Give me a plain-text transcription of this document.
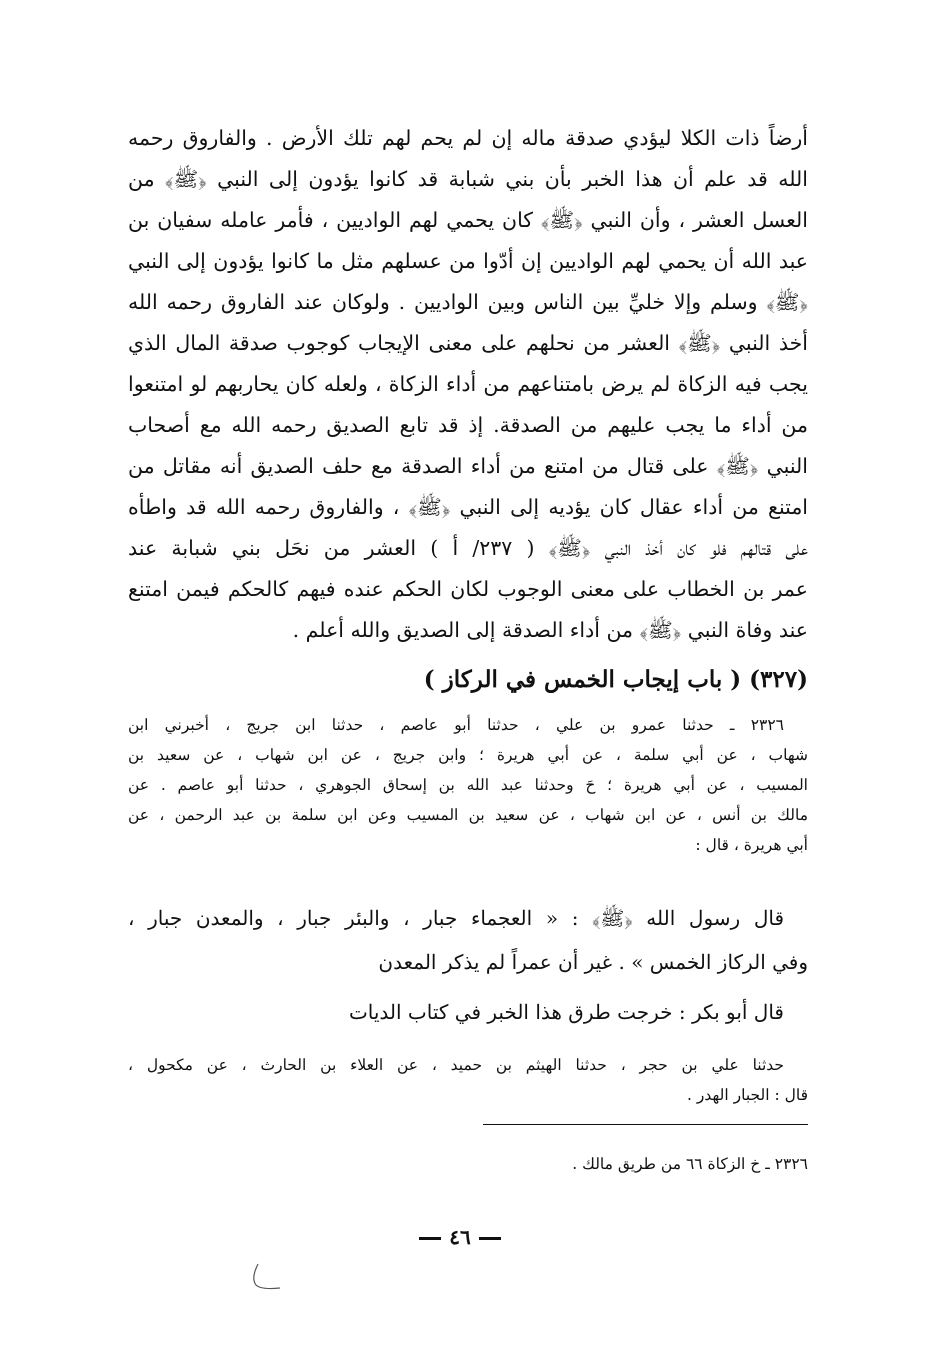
أرضاً ذات الكلا ليؤدي صدقة ماله إن لم يحم لهم تلك الأرض . والفاروق رحمه
الله قد علم أن هذا الخبر بأن بني شبابة قد كانوا يؤدون إلى النبي ﴿ﷺ﴾ من
العسل العشر ، وأن النبي ﴿ﷺ﴾ كان يحمي لهم الواديين ، فأمر عامله سفيان بن
عبد الله أن يحمي لهم الواديين إن أدّوا من عسلهم مثل ما كانوا يؤدون إلى النبي
﴿ﷺ﴾ وسلم وإلا خليِّ بين الناس وبين الواديين . ولوكان عند الفاروق رحمه الله
أخذ النبي ﴿ﷺ﴾ العشر من نحلهم على معنى الإيجاب كوجوب صدقة المال الذي
يجب فيه الزكاة لم يرض بامتناعهم من أداء الزكاة ، ولعله كان يحاربهم لو امتنعوا
من أداء ما يجب عليهم من الصدقة. إذ قد تابع الصديق رحمه الله مع أصحاب
النبي ﴿ﷺ﴾ على قتال من امتنع من أداء الصدقة مع حلف الصديق أنه مقاتل من
امتنع من أداء عقال كان يؤديه إلى النبي ﴿ﷺ﴾ ، والفاروق رحمه الله قد واطأه
على قتالهم فلو كان أخذ النبي ﴿ﷺ﴾ ( ٢٣٧/ أ ) العشر من نحَل بني شبابة عند
عمر بن الخطاب على معنى الوجوب لكان الحكم عنده فيهم كالحكم فيمن امتنع
عند وفاة النبي ﴿ﷺ﴾ من أداء الصدقة إلى الصديق والله أعلم .
(٣٢٧) ( باب إيجاب الخمس في الركاز )
٢٣٢٦ ـ حدثنا عمرو بن علي ، حدثنا أبو عاصم ، حدثنا ابن جريج ، أخبرني ابن
شهاب ، عن أبي سلمة ، عن أبي هريرة ؛ وابن جريج ، عن ابن شهاب ، عن سعيد بن
المسيب ، عن أبي هريرة ؛ حَ وحدثنا عبد الله بن إسحاق الجوهري ، حدثنا أبو عاصم . عن
مالك بن أنس ، عن ابن شهاب ، عن سعيد بن المسيب وعن ابن سلمة بن عبد الرحمن ، عن
أبي هريرة ، قال :
قال رسول الله ﴿ﷺ﴾ : « العجماء جبار ، والبئر جبار ، والمعدن جبار ،
وفي الركاز الخمس » . غير أن عمراً لم يذكر المعدن
قال أبو بكر : خرجت طرق هذا الخبر في كتاب الديات
حدثنا علي بن حجر ، حدثنا الهيثم بن حميد ، عن العلاء بن الحارث ، عن مكحول ،
قال : الجبار الهدر .
٢٣٢٦ ـ خ الزكاة ٦٦ من طريق مالك .
٤٦
